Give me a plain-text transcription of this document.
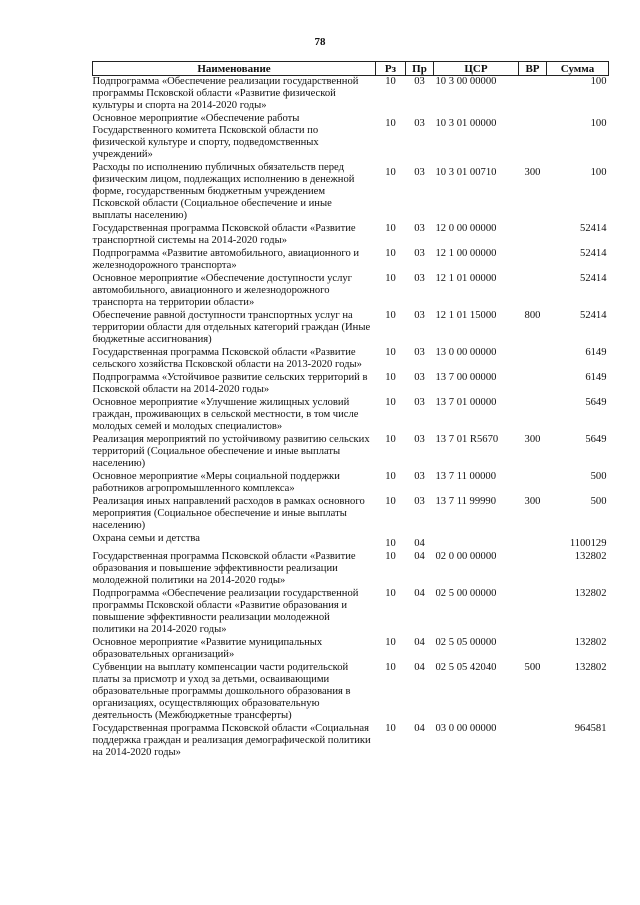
78
Наименование	Рз	Пр	ЦСР	ВР	Сумма
Подпрограмма «Обеспечение реализации государственной программы Псковской области «Развитие физической культуры и спорта на 2014-2020 годы»	10	03	10 3 00 00000		100
Основное мероприятие «Обеспечение работы Государственного комитета Псковской области по физической культуре и спорту, подведомственных учреждений»	10	03	10 3 01 00000		100
Расходы по исполнению публичных обязательств перед физическим лицом, подлежащих исполнению в денежной форме, государственным бюджетным учреждением Псковской области (Социальное обеспечение и иные выплаты населению)	10	03	10 3 01 00710	300	100
Государственная программа Псковской области «Развитие транспортной системы на 2014-2020 годы»	10	03	12 0 00 00000		52414
Подпрограмма «Развитие автомобильного, авиационного и железнодорожного транспорта»	10	03	12 1 00 00000		52414
Основное мероприятие «Обеспечение доступности услуг автомобильного, авиационного и железнодорожного транспорта на территории области»	10	03	12 1 01 00000		52414
Обеспечение равной доступности транспортных услуг на территории области для отдельных категорий граждан (Иные бюджетные ассигнования)	10	03	12 1 01 15000	800	52414
Государственная программа Псковской области «Развитие сельского хозяйства Псковской области на 2013-2020 годы»	10	03	13 0 00 00000		6149
Подпрограмма «Устойчивое развитие сельских территорий в Псковской области на 2014-2020 годы»	10	03	13 7 00 00000		6149
Основное мероприятие «Улучшение жилищных условий граждан, проживающих в сельской местности, в том числе молодых семей и молодых специалистов»	10	03	13 7 01 00000		5649
Реализация мероприятий по устойчивому развитию сельских территорий (Социальное обеспечение и иные выплаты населению)	10	03	13 7 01 R5670	300	5649
Основное мероприятие «Меры социальной поддержки работников агропромышленного комплекса»	10	03	13 7 11 00000		500
Реализация иных направлений расходов в рамках основного мероприятия (Социальное обеспечение и иные выплаты населению)	10	03	13 7 11 99990	300	500
Охрана семьи и детства	10	04			1100129
Государственная программа Псковской области «Развитие образования и повышение эффективности реализации молодежной политики на 2014-2020 годы»	10	04	02 0 00 00000		132802
Подпрограмма «Обеспечение реализации государственной программы Псковской области «Развитие образования и повышение эффективности реализации молодежной политики на 2014-2020 годы»	10	04	02 5 00 00000		132802
Основное мероприятие «Развитие муниципальных образовательных организаций»	10	04	02 5 05 00000		132802
Субвенции на выплату компенсации части родительской платы за присмотр и уход за детьми, осваивающими образовательные программы дошкольного образования в организациях, осуществляющих образовательную деятельность (Межбюджетные трансферты)	10	04	02 5 05 42040	500	132802
Государственная программа Псковской области «Социальная поддержка граждан и реализация демографической политики на 2014-2020 годы»	10	04	03 0 00 00000		964581
